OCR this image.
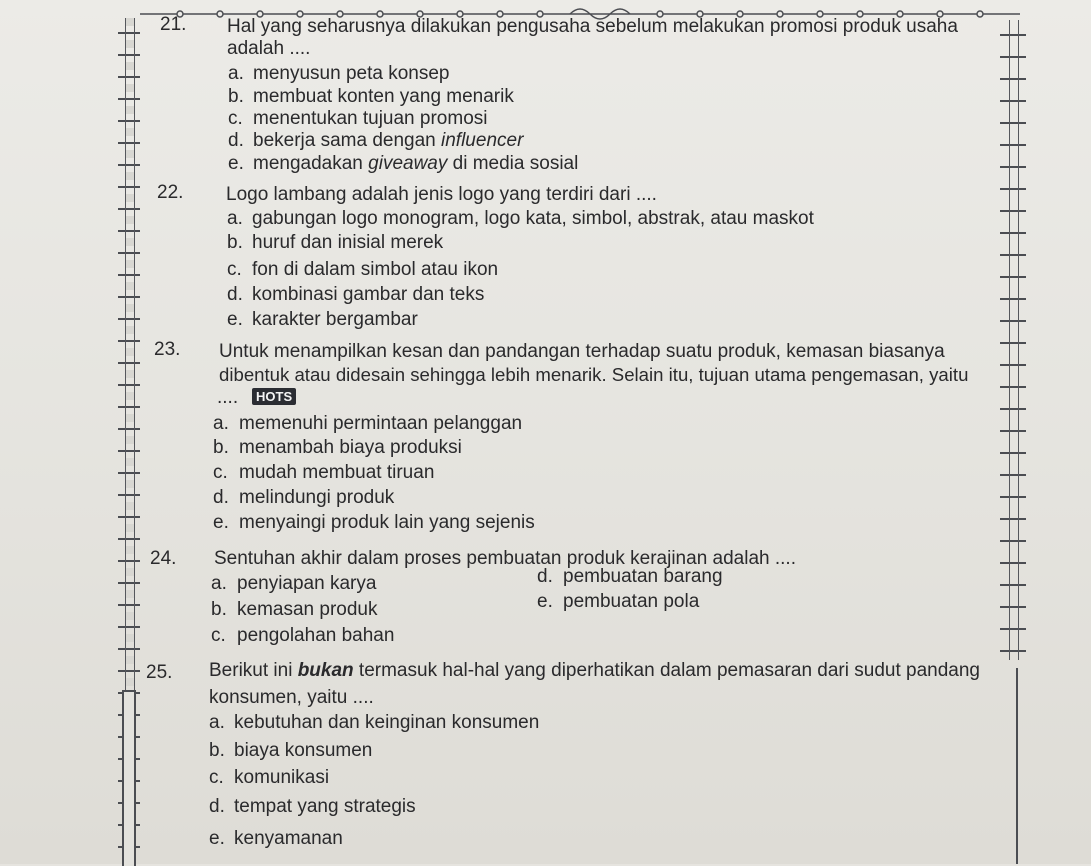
21. Hal yang seharusnya dilakukan pengusaha sebelum melakukan promosi produk usaha
adalah ....
a. menyusun peta konsep
b. membuat konten yang menarik
c. menentukan tujuan promosi
d. bekerja sama dengan influencer
e. mengadakan giveaway di media sosial
22. Logo lambang adalah jenis logo yang terdiri dari ....
a. gabungan logo monogram, logo kata, simbol, abstrak, atau maskot
b. huruf dan inisial merek
c. fon di dalam simbol atau ikon
d. kombinasi gambar dan teks
e. karakter bergambar
23. Untuk menampilkan kesan dan pandangan terhadap suatu produk, kemasan biasanya
dibentuk atau didesain sehingga lebih menarik. Selain itu, tujuan utama pengemasan, yaitu
....	HOTS
a. memenuhi permintaan pelanggan
b. menambah biaya produksi
c. mudah membuat tiruan
d. melindungi produk
e. menyaingi produk lain yang sejenis
24. Sentuhan akhir dalam proses pembuatan produk kerajinan adalah ....
a. penyiapan karya
b. kemasan produk
c. pengolahan bahan
d. pembuatan barang
e. pembuatan pola
25. Berikut ini bukan termasuk hal-hal yang diperhatikan dalam pemasaran dari sudut pandang
konsumen, yaitu ....
a. kebutuhan dan keinginan konsumen
b. biaya konsumen
c. komunikasi
d. tempat yang strategis
e. kenyamanan
